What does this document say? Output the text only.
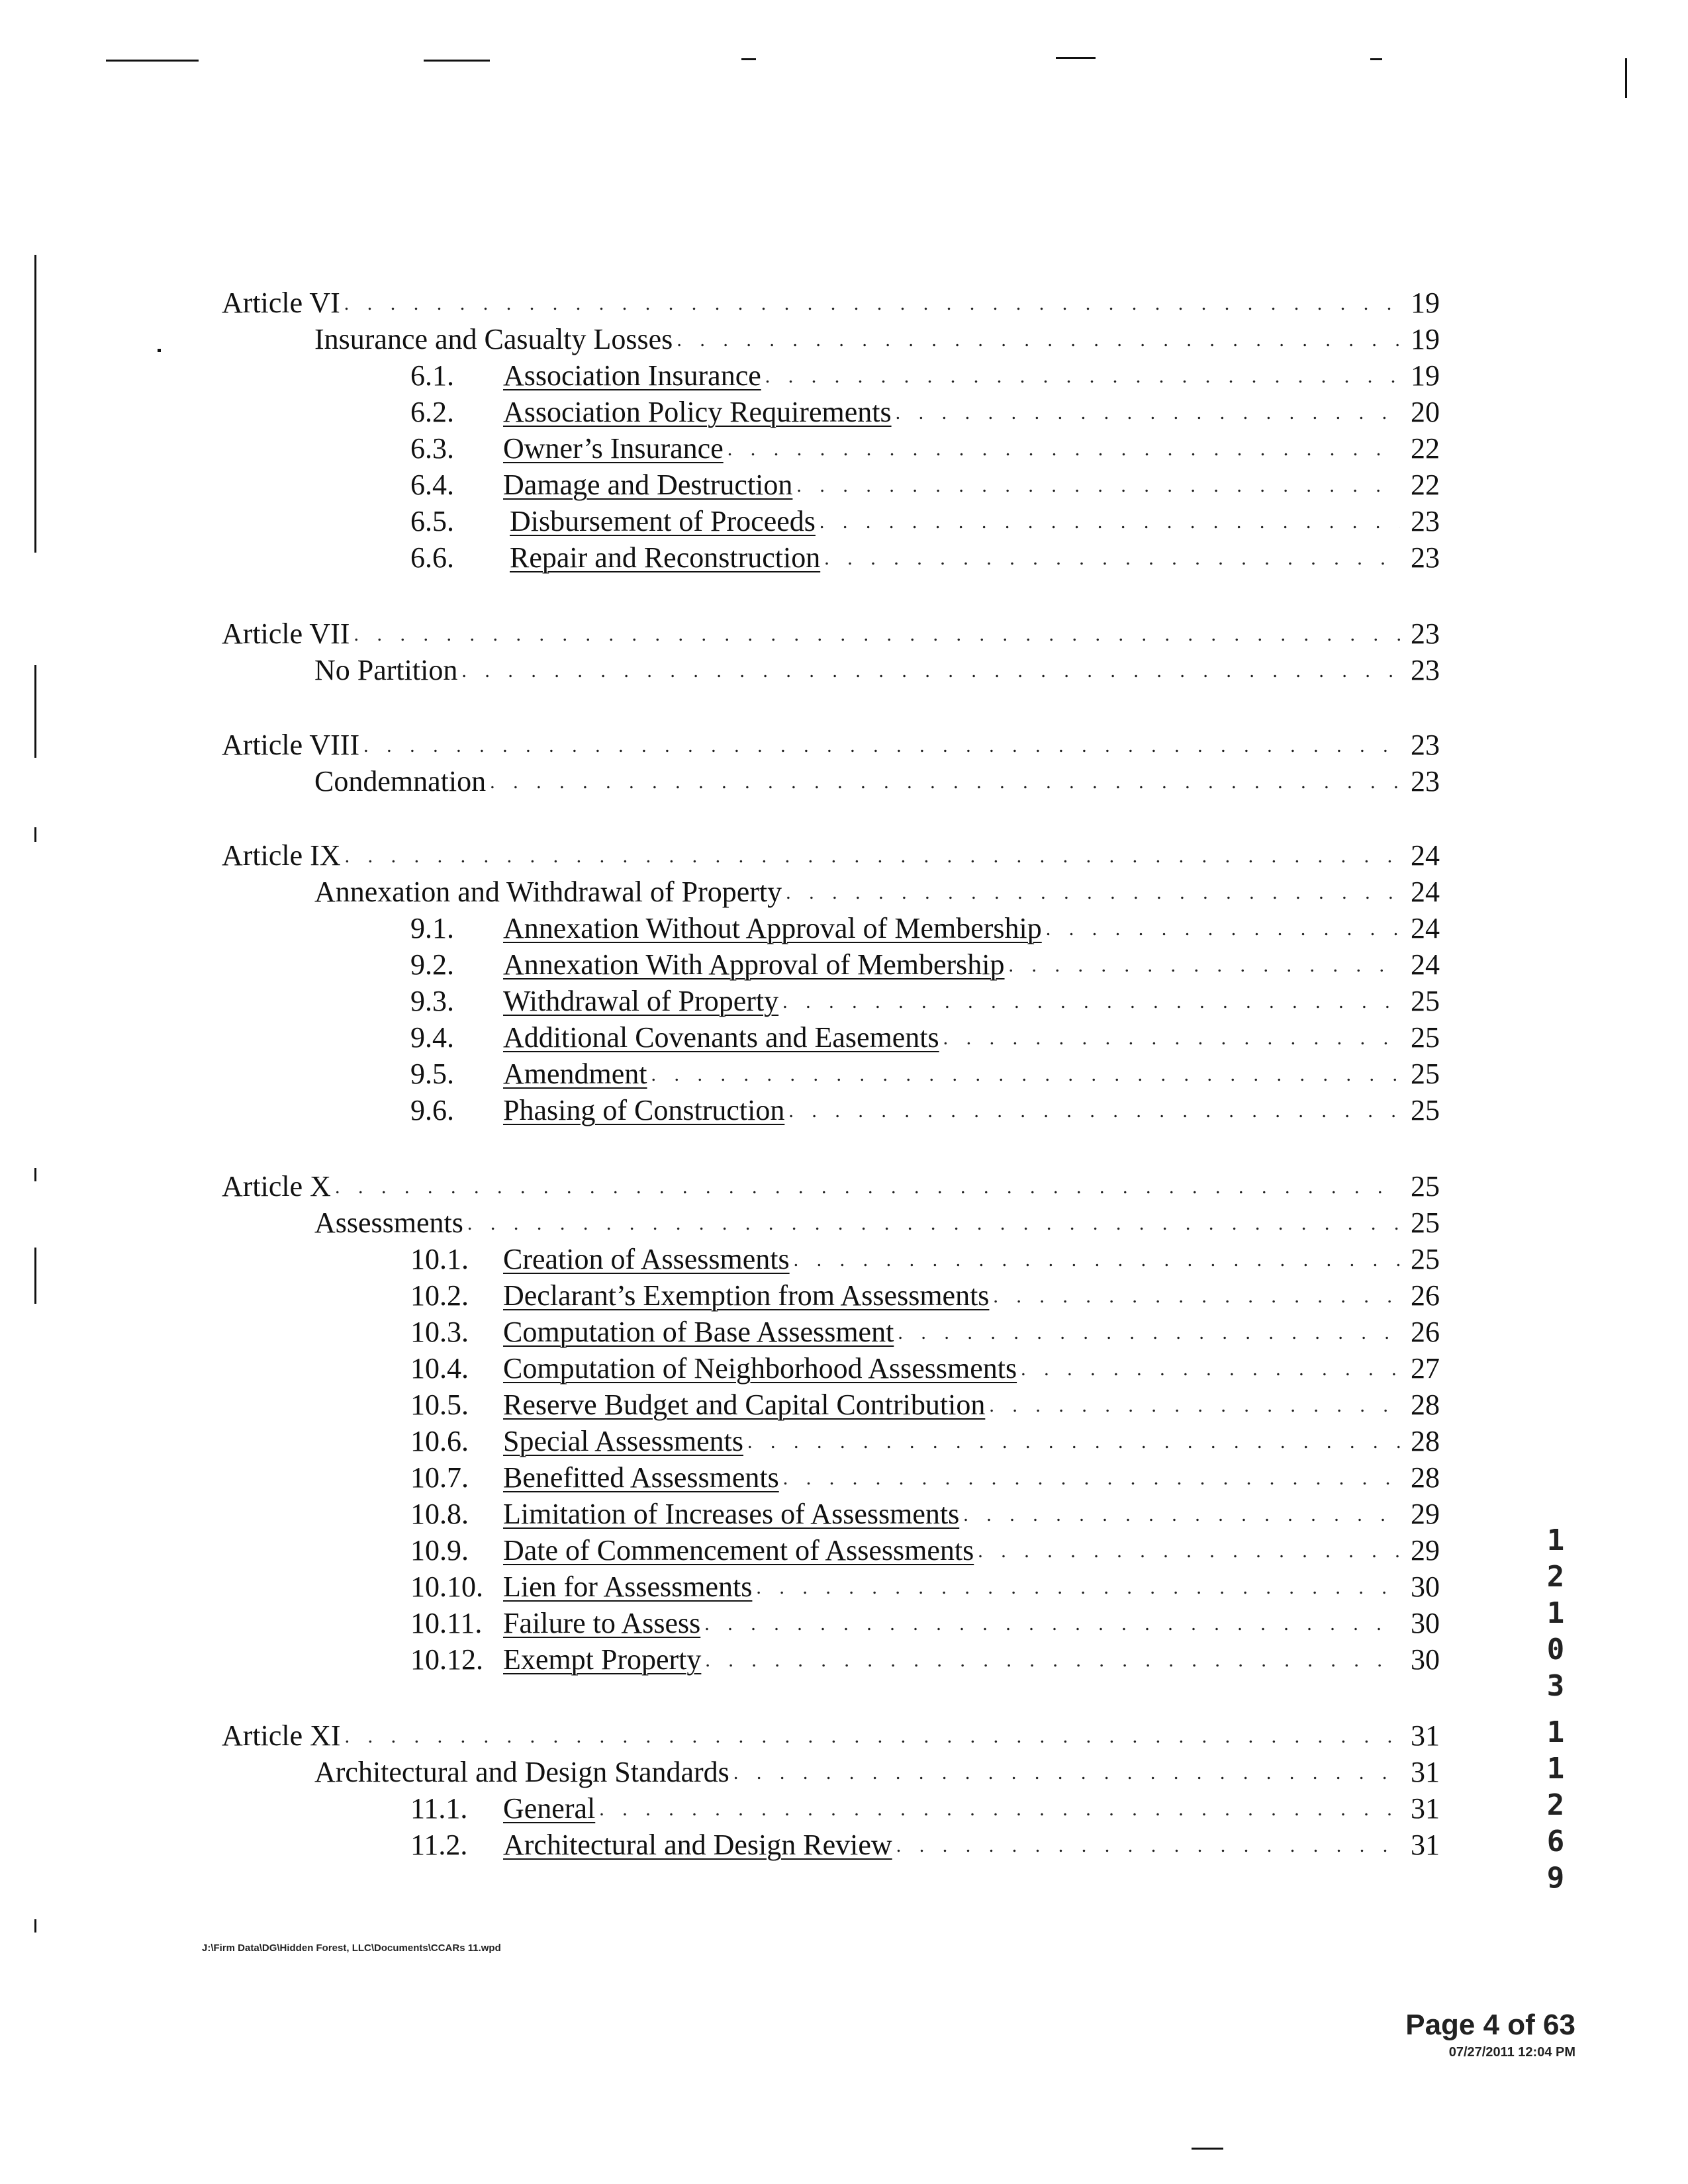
Article VI . . .	19
Insurance and Casualty Losses . . .	19
6.1.	Association Insurance . . .	19
6.2.	Association Policy Requirements . . .	20
6.3.	Owner’s Insurance . . .	22
6.4.	Damage and Destruction . . .	22
6.5.	Disbursement of Proceeds . . .	23
6.6.	Repair and Reconstruction . . .	23
Article VII . . .	23
No Partition . . .	23
Article VIII . . .	23
Condemnation . . .	23
Article IX . . .	24
Annexation and Withdrawal of Property . . .	24
9.1.	Annexation Without Approval of Membership . . .	24
9.2.	Annexation With Approval of Membership . . .	24
9.3.	Withdrawal of Property . . .	25
9.4.	Additional Covenants and Easements . . .	25
9.5.	Amendment . . .	25
9.6.	Phasing of Construction . . .	25
Article X . . .	25
Assessments . . .	25
10.1.	Creation of Assessments . . .	25
10.2.	Declarant’s Exemption from Assessments . . .	26
10.3.	Computation of Base Assessment . . .	26
10.4.	Computation of Neighborhood Assessments . . .	27
10.5.	Reserve Budget and Capital Contribution . . .	28
10.6.	Special Assessments . . .	28
10.7.	Benefitted Assessments . . .	28
10.8.	Limitation of Increases of Assessments . . .	29
10.9.	Date of Commencement of Assessments . . .	29
10.10. Lien for Assessments . . .	30
10.11. Failure to Assess . . .	30
10.12. Exempt Property . . .	30
Article XI . . .	31
Architectural and Design Standards . . .	31
11.1.	General . . .	31
11.2.	Architectural and Design Review . . .	31
1
2
1
0
3
1
1
2
6
9
J:\Firm Data\DG\Hidden Forest, LLC\Documents\CCARs 11.wpd
Page 4 of 63
07/27/2011 12:04 PM
